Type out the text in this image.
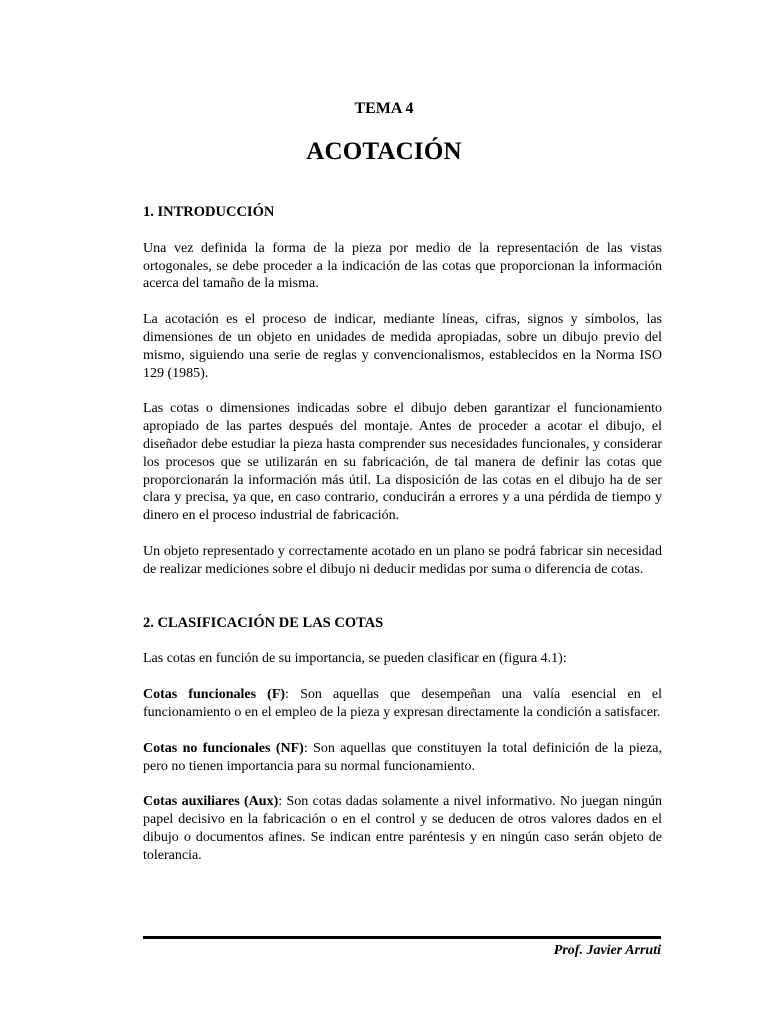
TEMA 4
ACOTACIÓN

1. INTRODUCCIÓN

Una vez definida la forma de la pieza por medio de la representación de las vistas ortogonales, se debe proceder a la indicación de las cotas que proporcionan la información acerca del tamaño de la misma.

La acotación es el proceso de indicar, mediante líneas, cifras, signos y símbolos, las dimensiones de un objeto en unidades de medida apropiadas, sobre un dibujo previo del mismo, siguiendo una serie de reglas y convencionalismos, establecidos en la Norma ISO 129 (1985).

Las cotas o dimensiones indicadas sobre el dibujo deben garantizar el funcionamiento apropiado de las partes después del montaje. Antes de proceder a acotar el dibujo, el diseñador debe estudiar la pieza hasta comprender sus necesidades funcionales, y considerar los procesos que se utilizarán en su fabricación, de tal manera de definir las cotas que proporcionarán la información más útil. La disposición de las cotas en el dibujo ha de ser clara y precisa, ya que, en caso contrario, conducirán a errores y a una pérdida de tiempo y dinero en el proceso industrial de fabricación.

Un objeto representado y correctamente acotado en un plano se podrá fabricar sin necesidad de realizar mediciones sobre el dibujo ni deducir medidas por suma o diferencia de cotas.

2. CLASIFICACIÓN DE LAS COTAS

Las cotas en función de su importancia, se pueden clasificar en (figura 4.1):

Cotas funcionales (F): Son aquellas que desempeñan una valía esencial en el funcionamiento o en el empleo de la pieza y expresan directamente la condición a satisfacer.

Cotas no funcionales (NF): Son aquellas que constituyen la total definición de la pieza, pero no tienen importancia para su normal funcionamiento.

Cotas auxiliares (Aux): Son cotas dadas solamente a nivel informativo. No juegan ningún papel decisivo en la fabricación o en el control y se deducen de otros valores dados en el dibujo o documentos afines. Se indican entre paréntesis y en ningún caso serán objeto de tolerancia.

Prof. Javier Arruti
